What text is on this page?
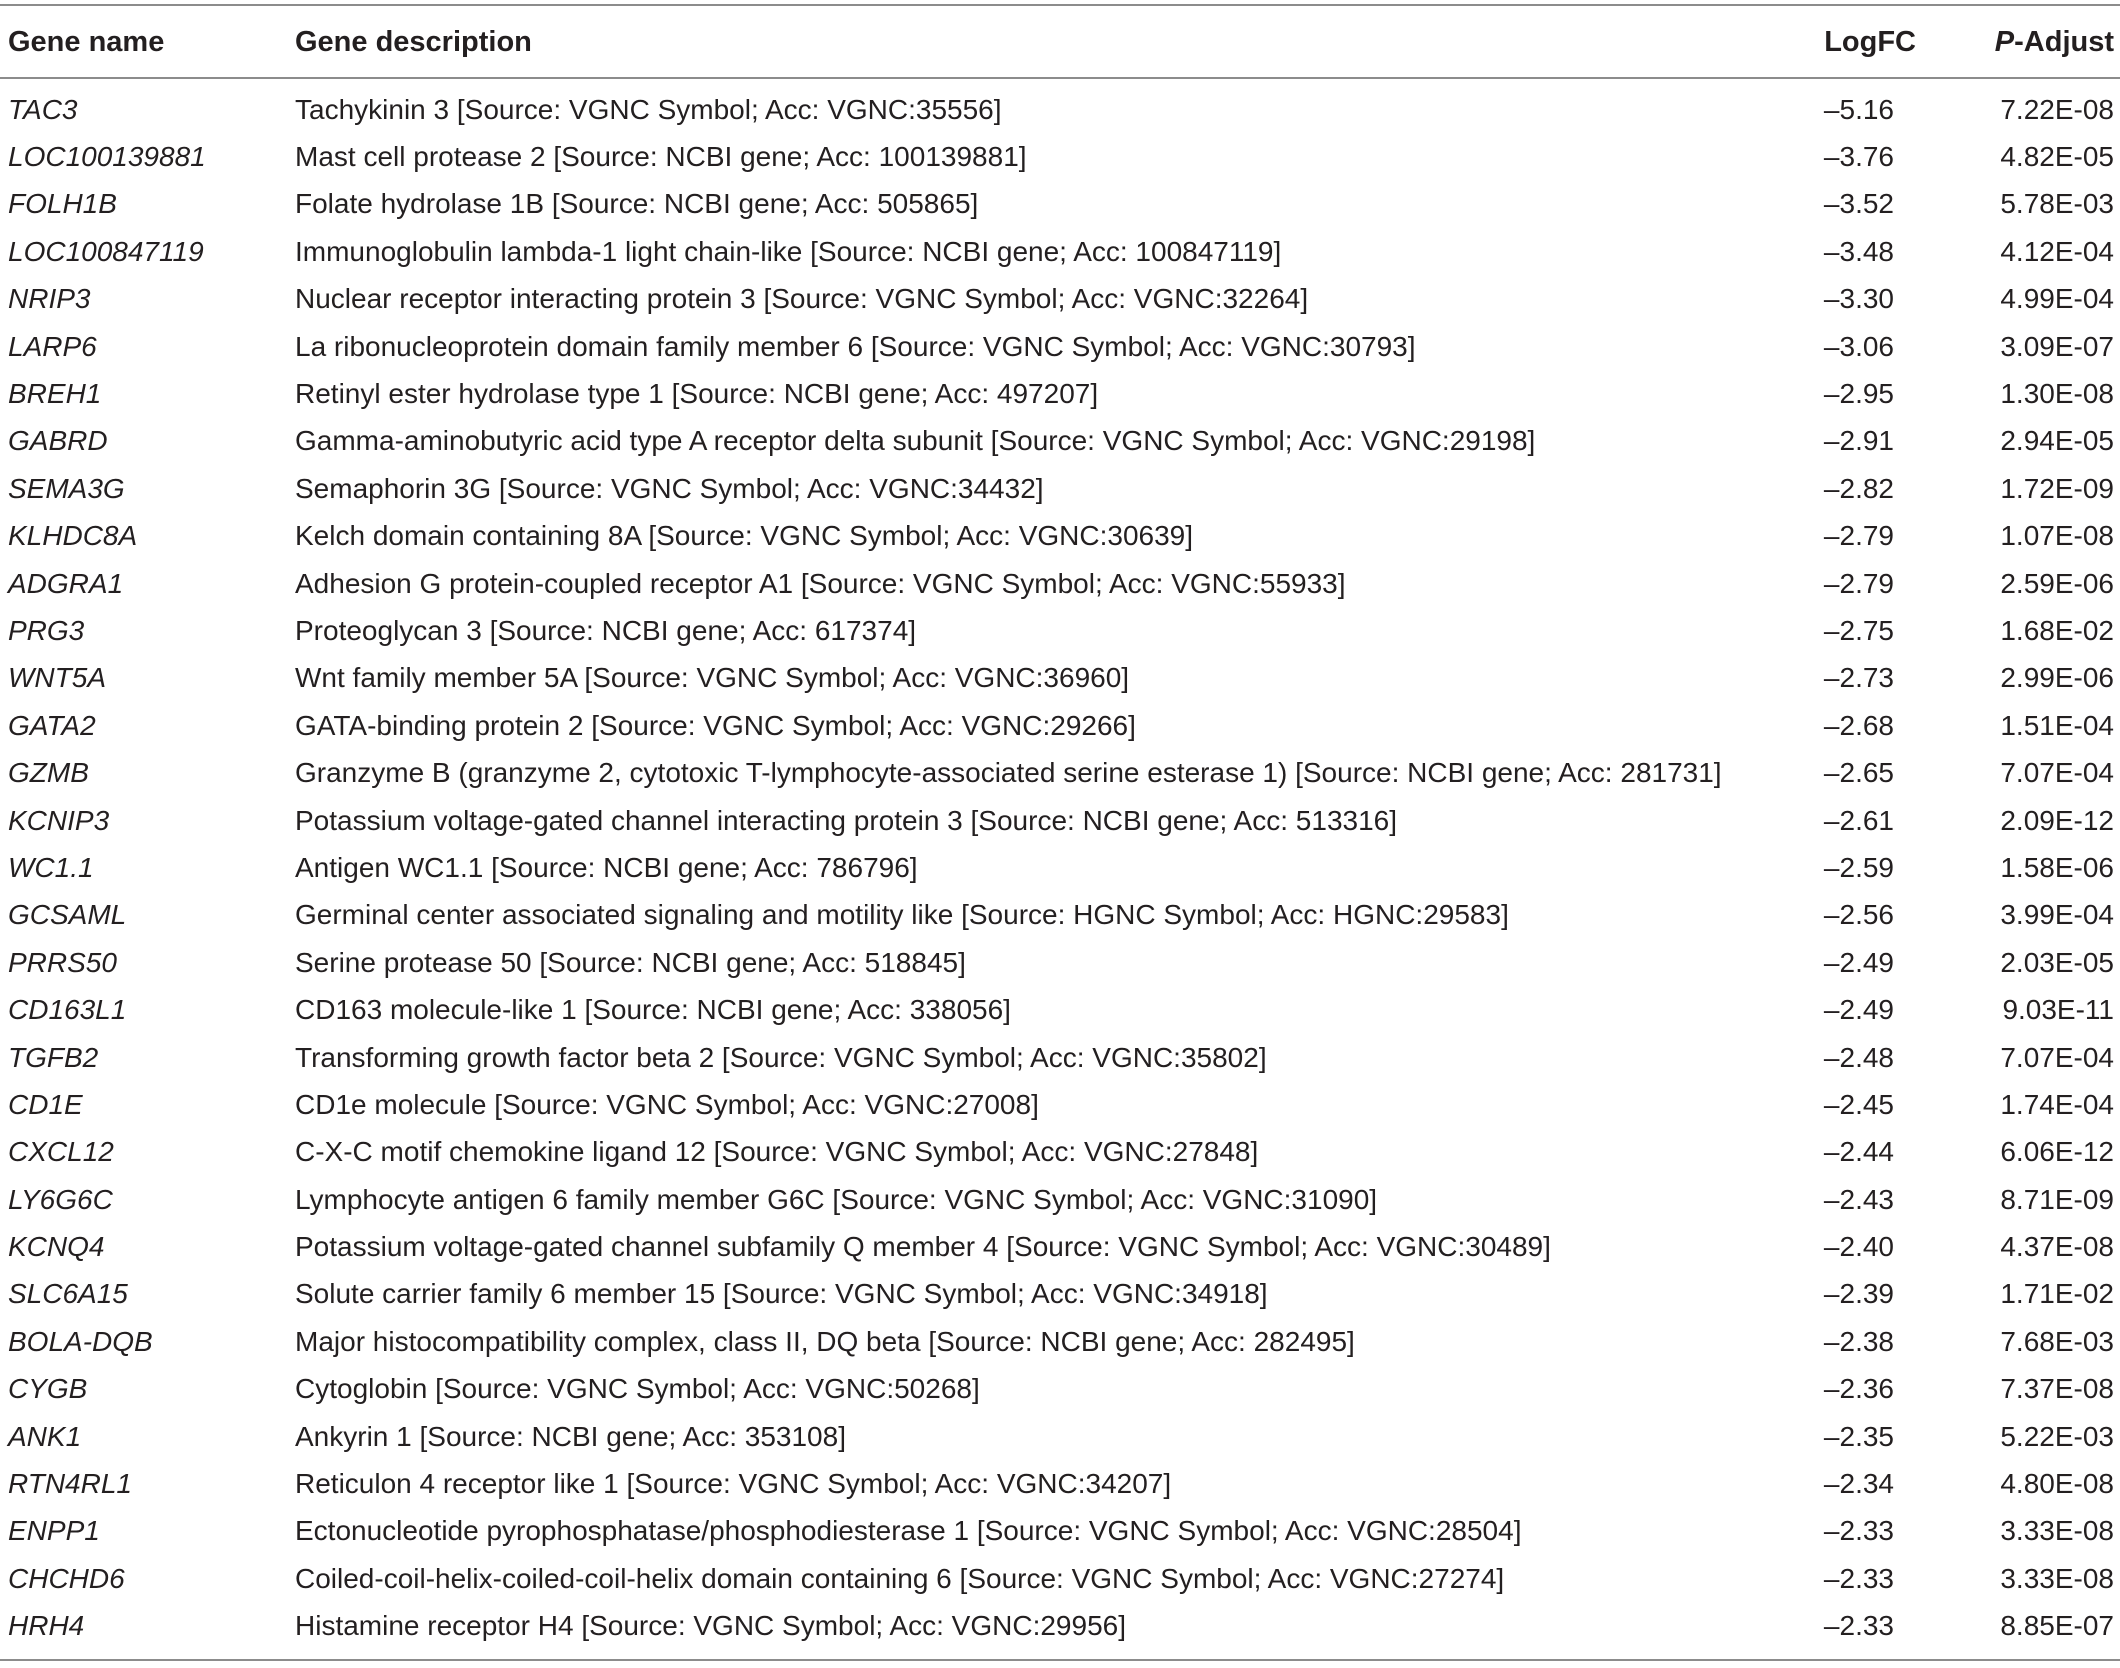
Gene name	Gene description	LogFC	P-Adjust

TAC3	Tachykinin 3 [Source: VGNC Symbol; Acc: VGNC:35556]	–5.16	7.22E-08
LOC100139881	Mast cell protease 2 [Source: NCBI gene; Acc: 100139881]	–3.76	4.82E-05
FOLH1B	Folate hydrolase 1B [Source: NCBI gene; Acc: 505865]	–3.52	5.78E-03
LOC100847119	Immunoglobulin lambda-1 light chain-like [Source: NCBI gene; Acc: 100847119]	–3.48	4.12E-04
NRIP3	Nuclear receptor interacting protein 3 [Source: VGNC Symbol; Acc: VGNC:32264]	–3.30	4.99E-04
LARP6	La ribonucleoprotein domain family member 6 [Source: VGNC Symbol; Acc: VGNC:30793]	–3.06	3.09E-07
BREH1	Retinyl ester hydrolase type 1 [Source: NCBI gene; Acc: 497207]	–2.95	1.30E-08
GABRD	Gamma-aminobutyric acid type A receptor delta subunit [Source: VGNC Symbol; Acc: VGNC:29198]	–2.91	2.94E-05
SEMA3G	Semaphorin 3G [Source: VGNC Symbol; Acc: VGNC:34432]	–2.82	1.72E-09
KLHDC8A	Kelch domain containing 8A [Source: VGNC Symbol; Acc: VGNC:30639]	–2.79	1.07E-08
ADGRA1	Adhesion G protein-coupled receptor A1 [Source: VGNC Symbol; Acc: VGNC:55933]	–2.79	2.59E-06
PRG3	Proteoglycan 3 [Source: NCBI gene; Acc: 617374]	–2.75	1.68E-02
WNT5A	Wnt family member 5A [Source: VGNC Symbol; Acc: VGNC:36960]	–2.73	2.99E-06
GATA2	GATA-binding protein 2 [Source: VGNC Symbol; Acc: VGNC:29266]	–2.68	1.51E-04
GZMB	Granzyme B (granzyme 2, cytotoxic T-lymphocyte-associated serine esterase 1) [Source: NCBI gene; Acc: 281731]	–2.65	7.07E-04
KCNIP3	Potassium voltage-gated channel interacting protein 3 [Source: NCBI gene; Acc: 513316]	–2.61	2.09E-12
WC1.1	Antigen WC1.1 [Source: NCBI gene; Acc: 786796]	–2.59	1.58E-06
GCSAML	Germinal center associated signaling and motility like [Source: HGNC Symbol; Acc: HGNC:29583]	–2.56	3.99E-04
PRRS50	Serine protease 50 [Source: NCBI gene; Acc: 518845]	–2.49	2.03E-05
CD163L1	CD163 molecule-like 1 [Source: NCBI gene; Acc: 338056]	–2.49	9.03E-11
TGFB2	Transforming growth factor beta 2 [Source: VGNC Symbol; Acc: VGNC:35802]	–2.48	7.07E-04
CD1E	CD1e molecule [Source: VGNC Symbol; Acc: VGNC:27008]	–2.45	1.74E-04
CXCL12	C-X-C motif chemokine ligand 12 [Source: VGNC Symbol; Acc: VGNC:27848]	–2.44	6.06E-12
LY6G6C	Lymphocyte antigen 6 family member G6C [Source: VGNC Symbol; Acc: VGNC:31090]	–2.43	8.71E-09
KCNQ4	Potassium voltage-gated channel subfamily Q member 4 [Source: VGNC Symbol; Acc: VGNC:30489]	–2.40	4.37E-08
SLC6A15	Solute carrier family 6 member 15 [Source: VGNC Symbol; Acc: VGNC:34918]	–2.39	1.71E-02
BOLA-DQB	Major histocompatibility complex, class II, DQ beta [Source: NCBI gene; Acc: 282495]	–2.38	7.68E-03
CYGB	Cytoglobin [Source: VGNC Symbol; Acc: VGNC:50268]	–2.36	7.37E-08
ANK1	Ankyrin 1 [Source: NCBI gene; Acc: 353108]	–2.35	5.22E-03
RTN4RL1	Reticulon 4 receptor like 1 [Source: VGNC Symbol; Acc: VGNC:34207]	–2.34	4.80E-08
ENPP1	Ectonucleotide pyrophosphatase/phosphodiesterase 1 [Source: VGNC Symbol; Acc: VGNC:28504]	–2.33	3.33E-08
CHCHD6	Coiled-coil-helix-coiled-coil-helix domain containing 6 [Source: VGNC Symbol; Acc: VGNC:27274]	–2.33	3.33E-08
HRH4	Histamine receptor H4 [Source: VGNC Symbol; Acc: VGNC:29956]	–2.33	8.85E-07
